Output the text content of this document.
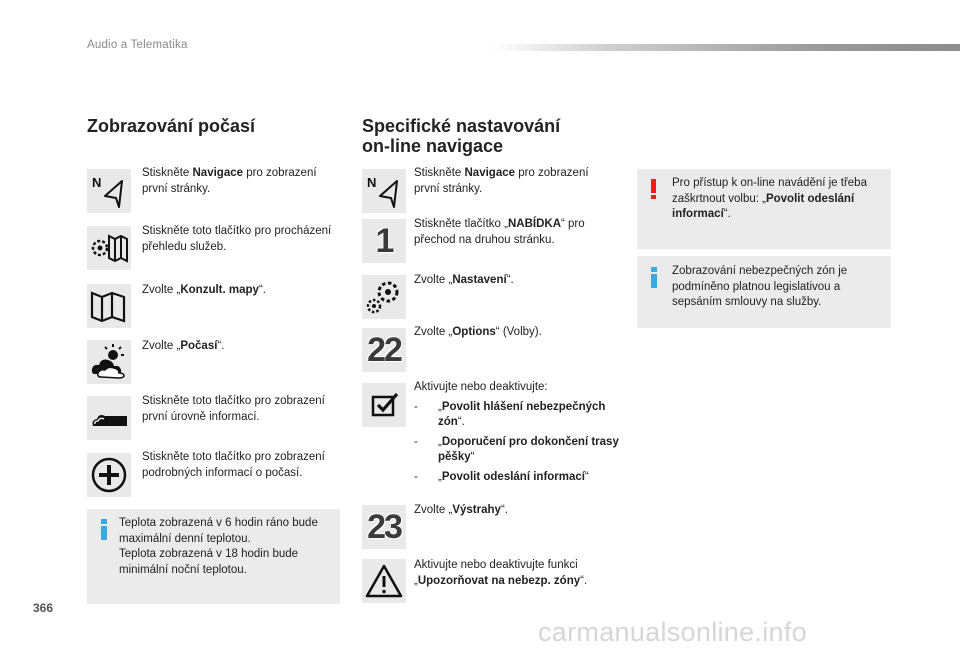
Audio a Telematika
Zobrazování počasí
N
Stiskněte Navigace pro zobrazení první stránky.
Stiskněte toto tlačítko pro procházení přehledu služeb.
Zvolte „Konzult. mapy“.
Zvolte „Počasí“.
Stiskněte toto tlačítko pro zobrazení první úrovně informací.
Stiskněte toto tlačítko pro zobrazení podrobných informací o počasí.
Teplota zobrazená v 6 hodin ráno bude maximální denní teplotou.
Teplota zobrazená v 18 hodin bude minimální noční teplotou.
Specifické nastavování
on-line navigace
N
Stiskněte Navigace pro zobrazení první stránky.
1 Stiskněte tlačítko „NABÍDKA“ pro přechod na druhou stránku.
Zvolte „Nastavení“.
22 Zvolte „Options“ (Volby).
Aktivujte nebo deaktivujte:
- „Povolit hlášení nebezpečných zón“.
- „Doporučení pro dokončení trasy pěšky“
- „Povolit odeslání informací“
23 Zvolte „Výstrahy“.
Aktivujte nebo deaktivujte funkci „Upozorňovat na nebezp. zóny“.
Pro přístup k on-line navádění je třeba zaškrtnout volbu: „Povolit odeslání informací“.
Zobrazování nebezpečných zón je podmíněno platnou legislativou a sepsáním smlouvy na služby.
366
carmanualsonline.info
